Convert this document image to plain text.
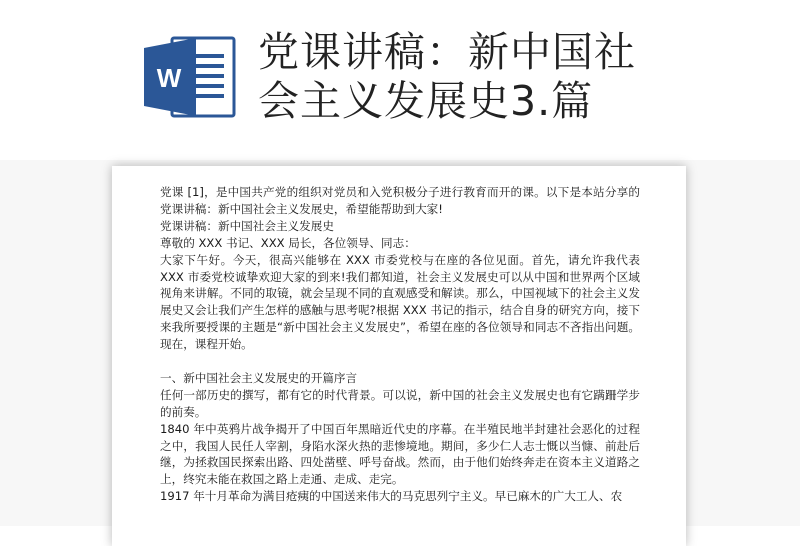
W
党课讲稿：新中国社
会主义发展史3.篇

党课 [1]，是中国共产党的组织对党员和入党积极分子进行教育而开的课。以下是本站分享的党课讲稿：新中国社会主义发展史，希望能帮助到大家!

党课讲稿：新中国社会主义发展史

尊敬的 XXX 书记、XXX 局长，各位领导、同志：

大家下午好。今天，很高兴能够在 XXX 市委党校与在座的各位见面。首先，请允许我代表 XXX 市委党校诚挚欢迎大家的到来!我们都知道，社会主义发展史可以从中国和世界两个区域视角来讲解。不同的取镜，就会呈现不同的直观感受和解读。那么，中国视域下的社会主义发展史又会让我们产生怎样的感触与思考呢?根据 XXX 书记的指示，结合自身的研究方向，接下来我所要授课的主题是“新中国社会主义发展史”，希望在座的各位领导和同志不吝指出问题。现在，课程开始。

一、新中国社会主义发展史的开篇序言

任何一部历史的撰写，都有它的时代背景。可以说，新中国的社会主义发展史也有它蹒跚学步的前奏。

1840 年中英鸦片战争揭开了中国百年黑暗近代史的序幕。在半殖民地半封建社会恶化的过程之中，我国人民任人宰割，身陷水深火热的悲惨境地。期间，多少仁人志士慨以当慷、前赴后继，为拯救国民探索出路、四处凿壁、呼号奋战。然而，由于他们始终奔走在资本主义道路之上，终究未能在救国之路上走通、走成、走完。

1917 年十月革命为满目疮痍的中国送来伟大的马克思列宁主义。早已麻木的广大工人、农
